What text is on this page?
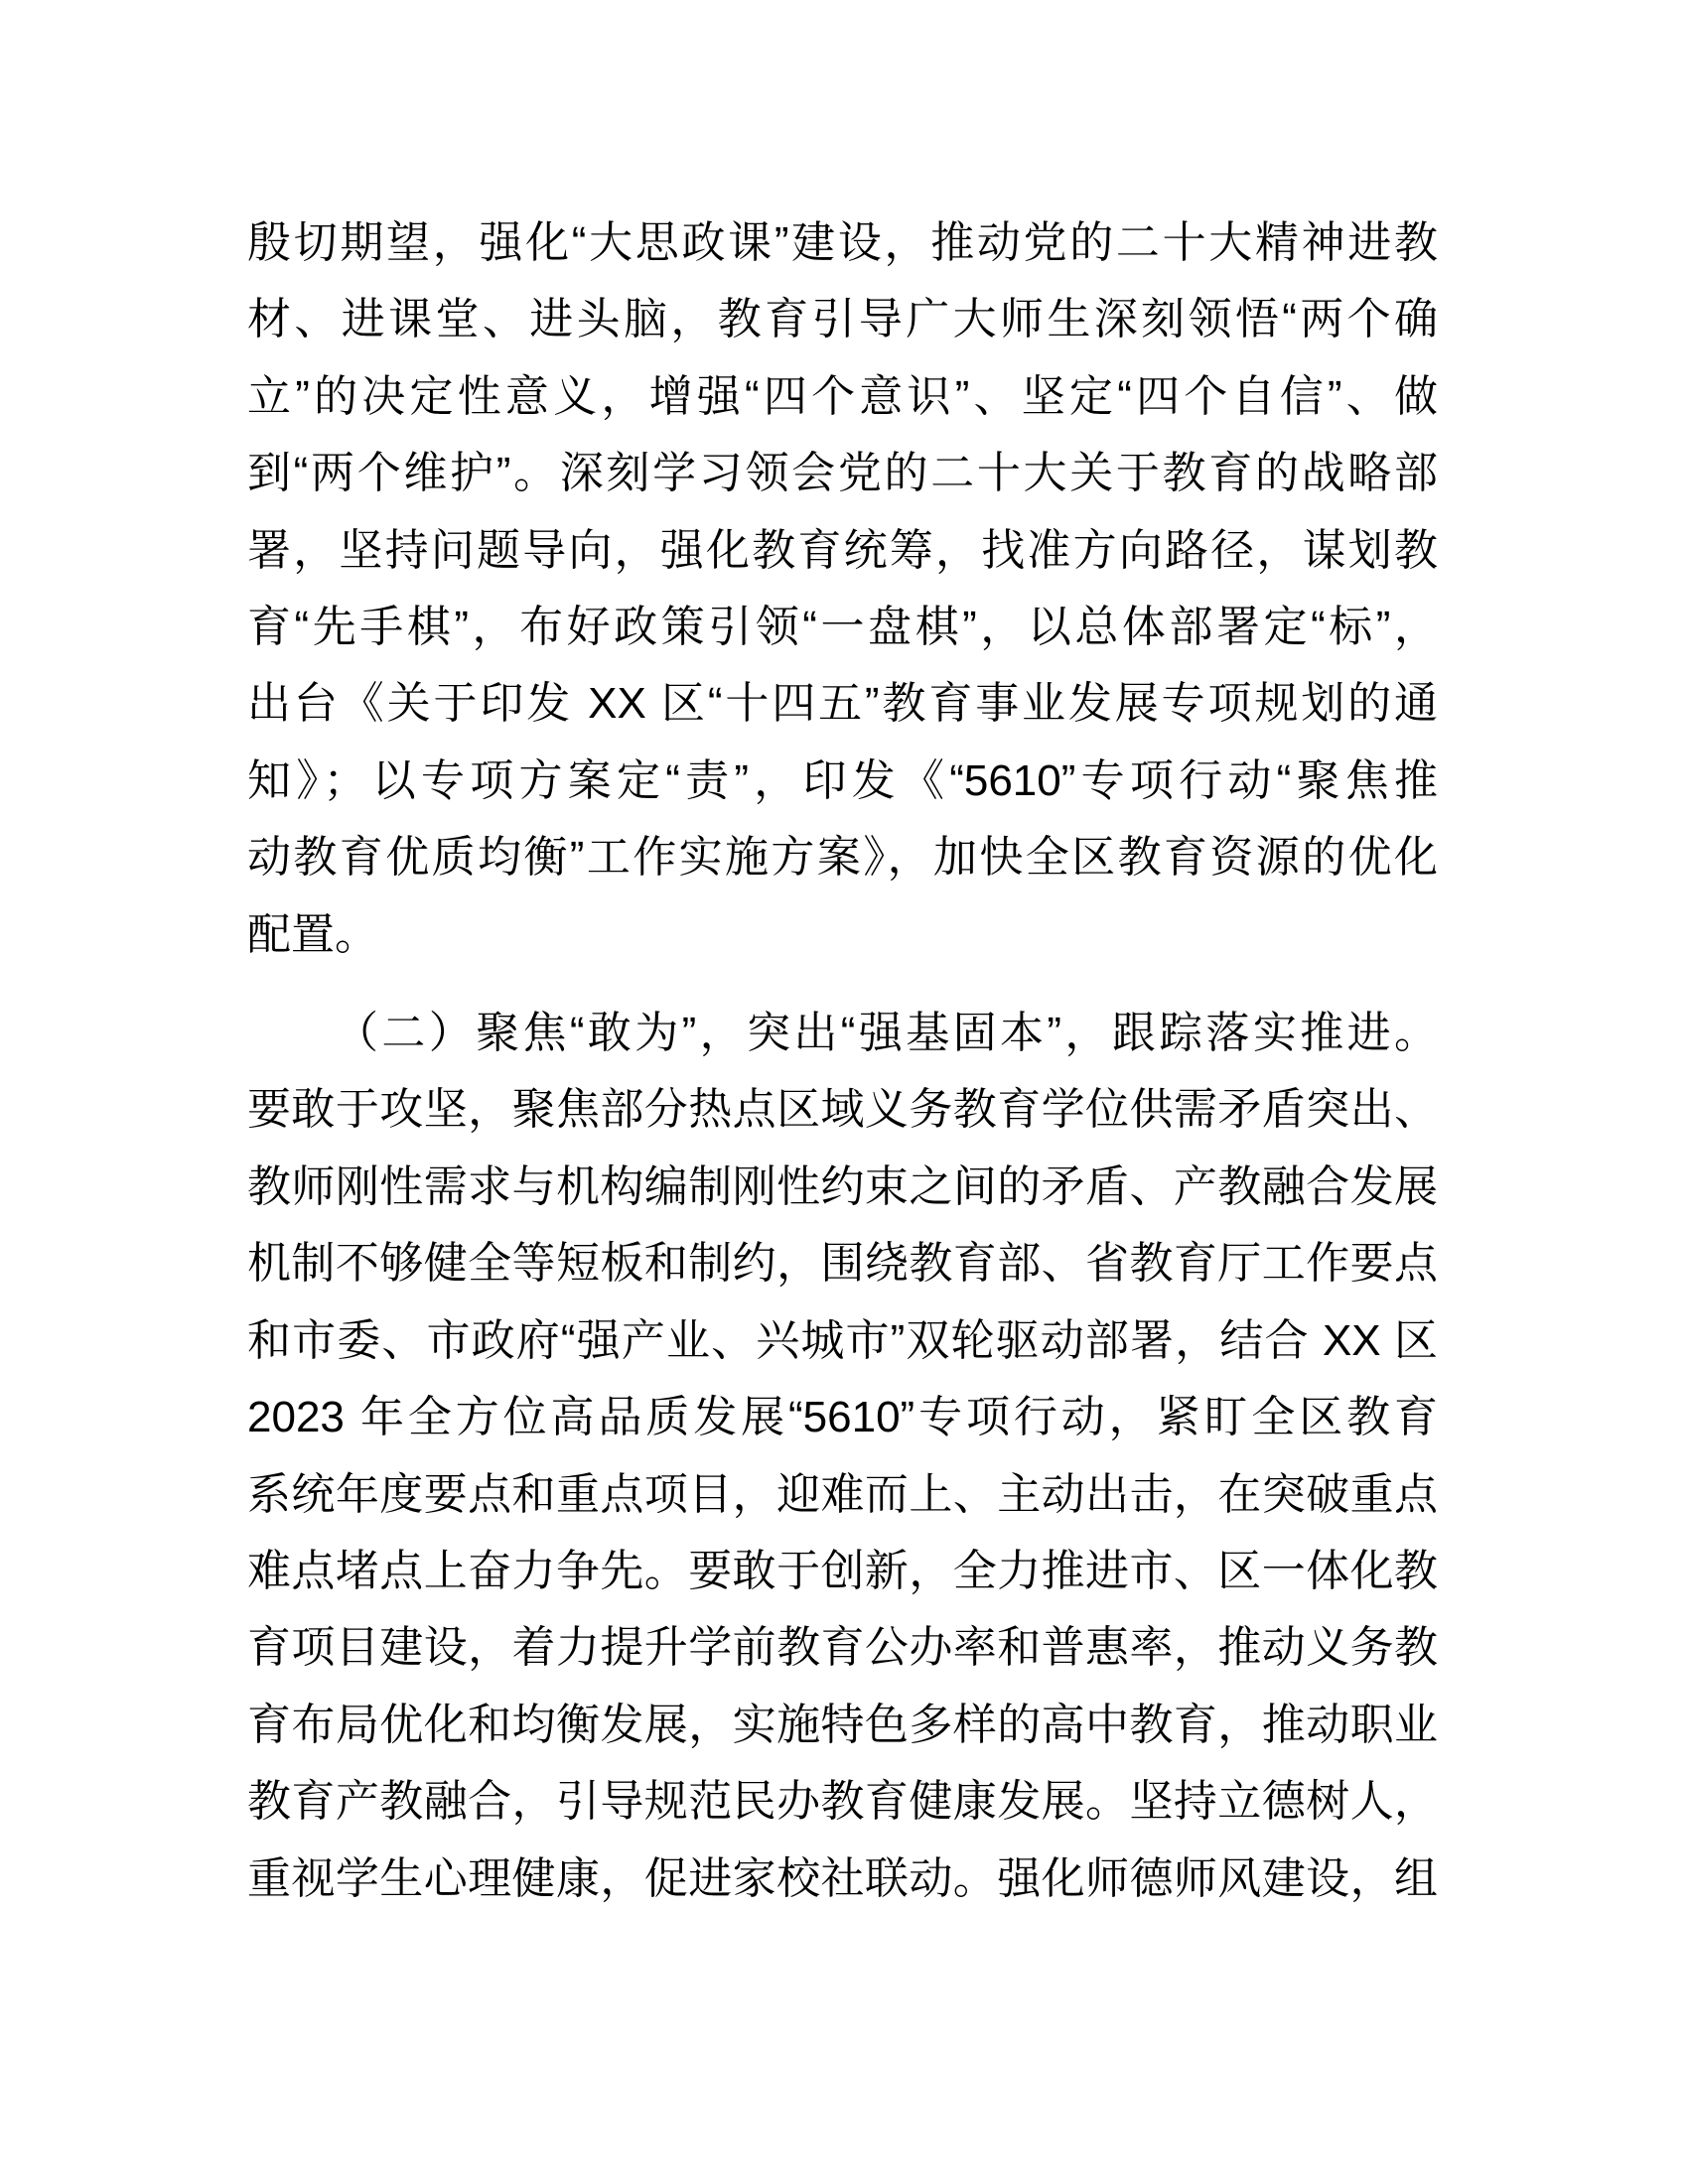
殷切期望，强化“大思政课”建设，推动党的二十大精神进教
材、进课堂、进头脑，教育引导广大师生深刻领悟“两个确
立”的决定性意义，增强“四个意识”、坚定“四个自信”、做
到“两个维护”。深刻学习领会党的二十大关于教育的战略部
署，坚持问题导向，强化教育统筹，找准方向路径，谋划教
育“先手棋”，布好政策引领“一盘棋”，以总体部署定“标”，
出台《关于印发 XX 区“十四五”教育事业发展专项规划的通
知》；以专项方案定“责”，印发《“5610”专项行动“聚焦推
动教育优质均衡”工作实施方案》，加快全区教育资源的优化
配置。
（二）聚焦“敢为”，突出“强基固本”，跟踪落实推进。
要敢于攻坚，聚焦部分热点区域义务教育学位供需矛盾突出、
教师刚性需求与机构编制刚性约束之间的矛盾、产教融合发展
机制不够健全等短板和制约，围绕教育部、省教育厅工作要点
和市委、市政府“强产业、兴城市”双轮驱动部署，结合 XX 区
2023 年全方位高品质发展“5610”专项行动，紧盯全区教育
系统年度要点和重点项目，迎难而上、主动出击，在突破重点
难点堵点上奋力争先。要敢于创新，全力推进市、区一体化教
育项目建设，着力提升学前教育公办率和普惠率，推动义务教
育布局优化和均衡发展，实施特色多样的高中教育，推动职业
教育产教融合，引导规范民办教育健康发展。坚持立德树人，
重视学生心理健康，促进家校社联动。强化师德师风建设，组
